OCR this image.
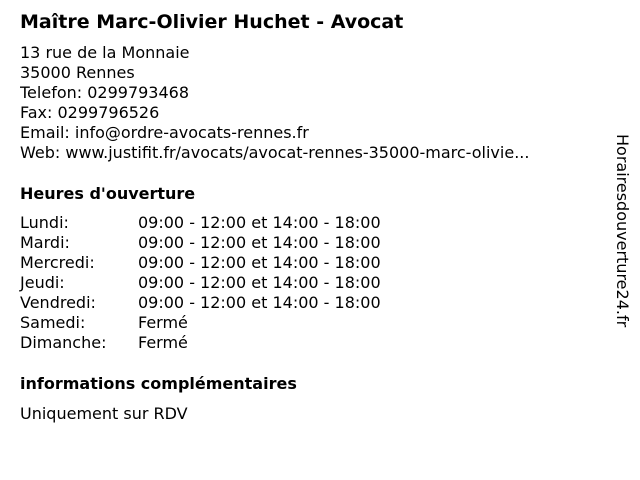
Maître Marc-Olivier Huchet - Avocat
13 rue de la Monnaie
35000 Rennes
Telefon: 0299793468
Fax: 0299796526
Email: info@ordre-avocats-rennes.fr
Web: www.justifit.fr/avocats/avocat-rennes-35000-marc-olivie...
Heures d'ouverture
Lundi:	09:00 - 12:00 et 14:00 - 18:00
Mardi:	09:00 - 12:00 et 14:00 - 18:00
Mercredi:	09:00 - 12:00 et 14:00 - 18:00
Jeudi:	09:00 - 12:00 et 14:00 - 18:00
Vendredi:	09:00 - 12:00 et 14:00 - 18:00
Samedi:	Fermé
Dimanche:	Fermé
informations complémentaires
Uniquement sur RDV
Horairesdouverture24.fr
